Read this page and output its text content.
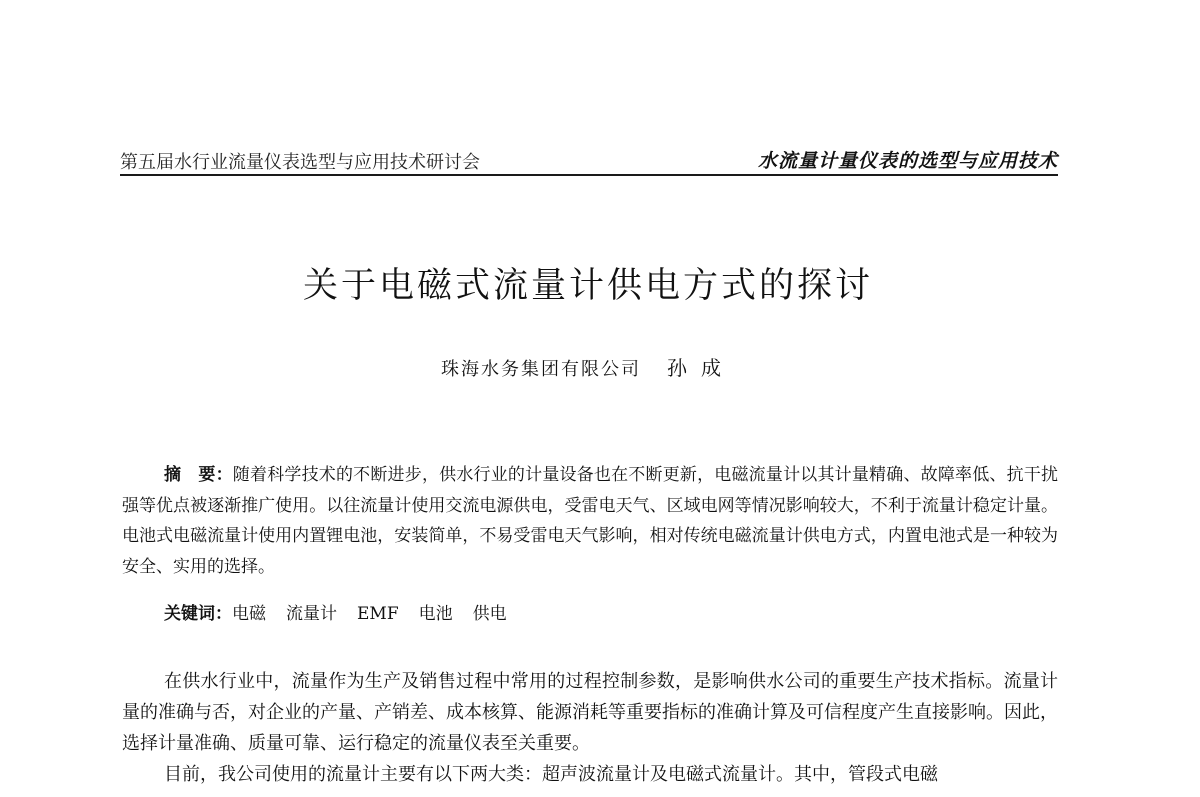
第五届水行业流量仪表选型与应用技术研讨会	水流量计量仪表的选型与应用技术
关于电磁式流量计供电方式的探讨
珠海水务集团有限公司 孙成

摘　要：随着科学技术的不断进步，供水行业的计量设备也在不断更新，电磁流量计以其计量精确、故障率低、抗干扰强等优点被逐渐推广使用。以往流量计使用交流电源供电，受雷电天气、区域电网等情况影响较大，不利于流量计稳定计量。电池式电磁流量计使用内置锂电池，安装简单，不易受雷电天气影响，相对传统电磁流量计供电方式，内置电池式是一种较为安全、实用的选择。

关键词：电磁 流量计 EMF 电池 供电

在供水行业中，流量作为生产及销售过程中常用的过程控制参数，是影响供水公司的重要生产技术指标。流量计量的准确与否，对企业的产量、产销差、成本核算、能源消耗等重要指标的准确计算及可信程度产生直接影响。因此，选择计量准确、质量可靠、运行稳定的流量仪表至关重要。

目前，我公司使用的流量计主要有以下两大类：超声波流量计及电磁式流量计。其中，管段式电磁
